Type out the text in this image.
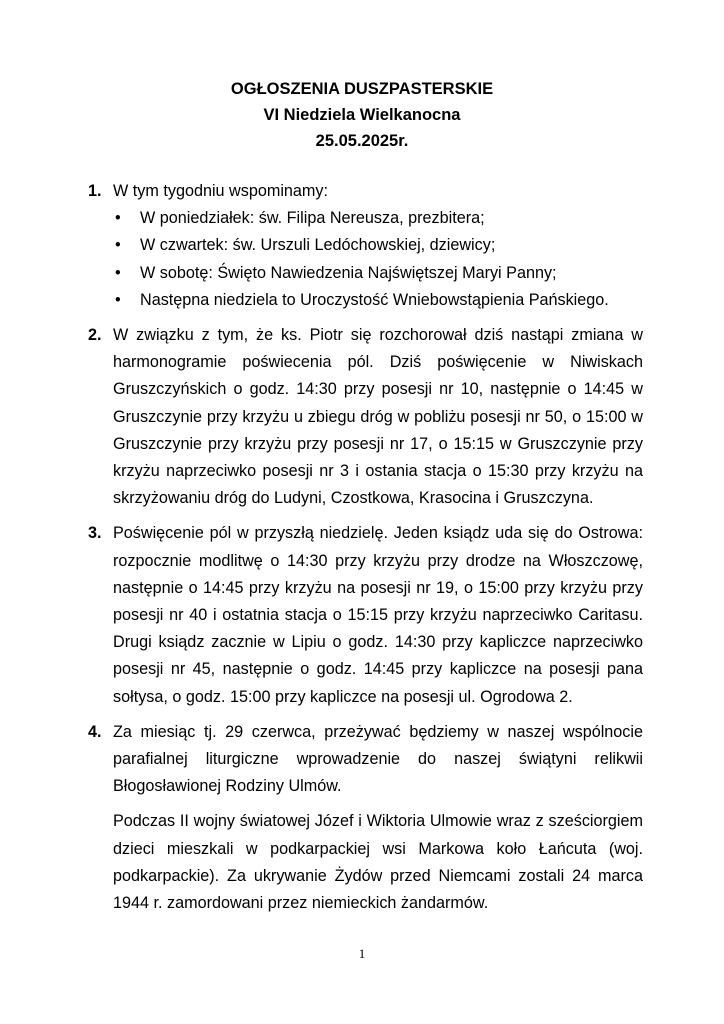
OGŁOSZENIA DUSZPASTERSKIE
VI Niedziela Wielkanocna
25.05.2025r.
1. W tym tygodniu wspominamy:
• W poniedziałek: św. Filipa Nereusza, prezbitera;
• W czwartek: św. Urszuli Ledóchowskiej, dziewicy;
• W sobotę: Święto Nawiedzenia Najświętszej Maryi Panny;
• Następna niedziela to Uroczystość Wniebowstąpienia Pańskiego.
2. W związku z tym, że ks. Piotr się rozchorował dziś nastąpi zmiana w harmonogramie poświecenia pól. Dziś poświęcenie w Niwiskach Gruszczyńskich o godz. 14:30 przy posesji nr 10, następnie o 14:45 w Gruszczynie przy krzyżu u zbiegu dróg w pobliżu posesji nr 50, o 15:00 w Gruszczynie przy krzyżu przy posesji nr 17, o 15:15 w Gruszczynie przy krzyżu naprzeciwko posesji nr 3 i ostania stacja o 15:30 przy krzyżu na skrzyżowaniu dróg do Ludyni, Czostkowa, Krasocina i Gruszczyna.
3. Poświęcenie pól w przyszłą niedzielę. Jeden ksiądz uda się do Ostrowa: rozpocznie modlitwę o 14:30 przy krzyżu przy drodze na Włoszczowę, następnie o 14:45 przy krzyżu na posesji nr 19, o 15:00 przy krzyżu przy posesji nr 40 i ostatnia stacja o 15:15 przy krzyżu naprzeciwko Caritasu. Drugi ksiądz zacznie w Lipiu o godz. 14:30 przy kapliczce naprzeciwko posesji nr 45, następnie o godz. 14:45 przy kapliczce na posesji pana sołtysa, o godz. 15:00 przy kapliczce na posesji ul. Ogrodowa 2.
4. Za miesiąc tj. 29 czerwca, przeżywać będziemy w naszej wspólnocie parafialnej liturgiczne wprowadzenie do naszej świątyni relikwii Błogosławionej Rodziny Ulmów.
Podczas II wojny światowej Józef i Wiktoria Ulmowie wraz z sześciorgiem dzieci mieszkali w podkarpackiej wsi Markowa koło Łańcuta (woj. podkarpackie). Za ukrywanie Żydów przed Niemcami zostali 24 marca 1944 r. zamordowani przez niemieckich żandarmów.
1
